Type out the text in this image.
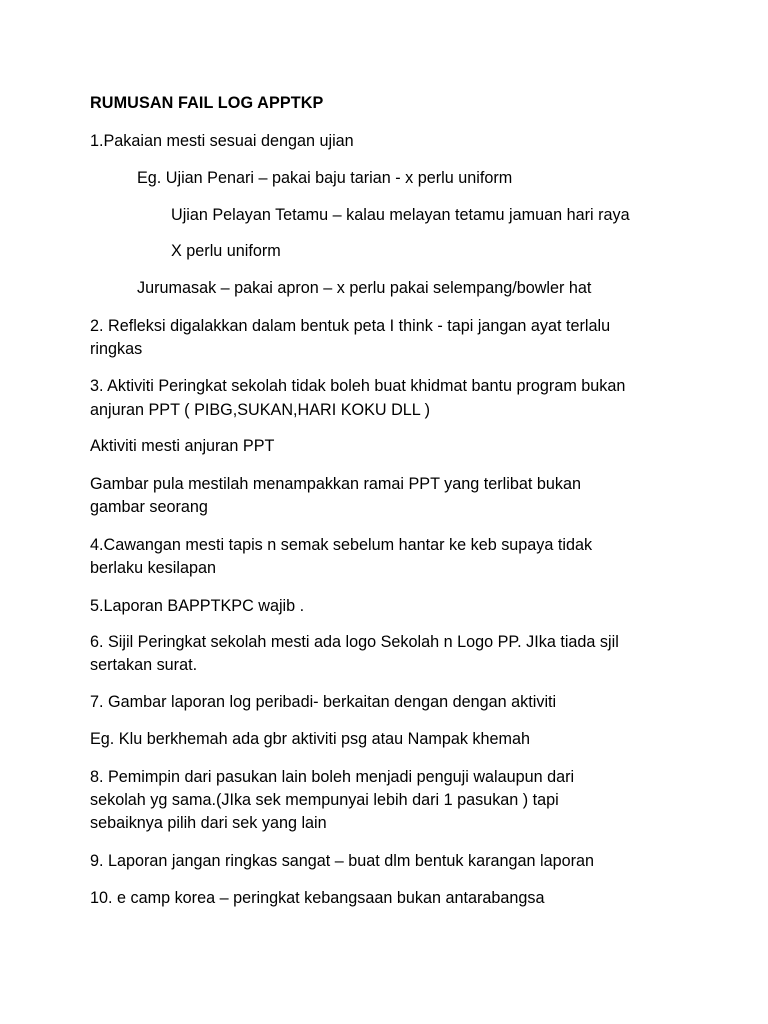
RUMUSAN FAIL LOG APPTKP

1.Pakaian mesti sesuai dengan ujian

Eg. Ujian Penari – pakai baju tarian - x perlu uniform

Ujian Pelayan Tetamu – kalau melayan tetamu jamuan hari raya

X perlu uniform

Jurumasak – pakai apron – x perlu pakai selempang/bowler hat

2. Refleksi digalakkan dalam bentuk peta I think - tapi jangan ayat terlalu

ringkas

3. Aktiviti Peringkat sekolah tidak boleh buat khidmat bantu program bukan

anjuran PPT ( PIBG,SUKAN,HARI KOKU DLL )

Aktiviti mesti anjuran PPT

Gambar pula mestilah menampakkan ramai PPT yang terlibat bukan

gambar seorang

4.Cawangan mesti tapis n semak sebelum hantar ke keb supaya tidak

berlaku kesilapan

5.Laporan BAPPTKPC wajib .

6. Sijil Peringkat sekolah mesti ada logo Sekolah n Logo PP. JIka tiada sjil

sertakan surat.

7. Gambar laporan log peribadi- berkaitan dengan dengan aktiviti

Eg. Klu berkhemah ada gbr aktiviti psg atau Nampak khemah

8. Pemimpin dari pasukan lain boleh menjadi penguji walaupun dari

sekolah yg sama.(JIka sek mempunyai lebih dari 1 pasukan ) tapi

sebaiknya pilih dari sek yang lain

9. Laporan jangan ringkas sangat – buat dlm bentuk karangan laporan

10. e camp korea – peringkat kebangsaan bukan antarabangsa
